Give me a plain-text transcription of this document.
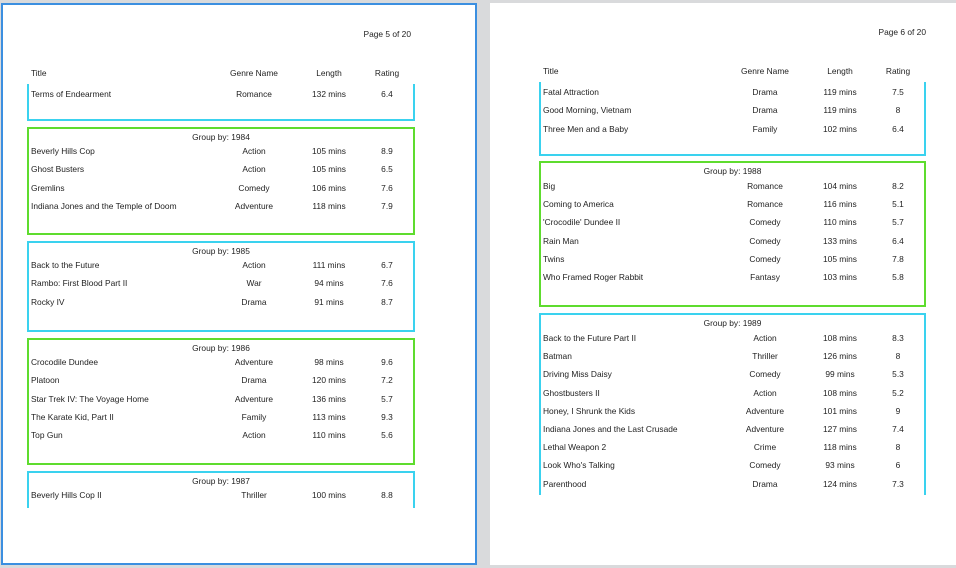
Page 5 of 20
Title	Genre Name	Length	Rating
Terms of Endearment	Romance	132 mins	6.4
Group by: 1984
Beverly Hills Cop	Action	105 mins	8.9
Ghost Busters	Action	105 mins	6.5
Gremlins	Comedy	106 mins	7.6
Indiana Jones and the Temple of Doom	Adventure	118 mins	7.9
Group by: 1985
Back to the Future	Action	111 mins	6.7
Rambo: First Blood Part II	War	94 mins	7.6
Rocky IV	Drama	91 mins	8.7
Group by: 1986
Crocodile Dundee	Adventure	98 mins	9.6
Platoon	Drama	120 mins	7.2
Star Trek IV: The Voyage Home	Adventure	136 mins	5.7
The Karate Kid, Part II	Family	113 mins	9.3
Top Gun	Action	110 mins	5.6
Group by: 1987
Beverly Hills Cop II	Thriller	100 mins	8.8
Page 6 of 20
Title	Genre Name	Length	Rating
Fatal Attraction	Drama	119 mins	7.5
Good Morning, Vietnam	Drama	119 mins	8
Three Men and a Baby	Family	102 mins	6.4
Group by: 1988
Big	Romance	104 mins	8.2
Coming to America	Romance	116 mins	5.1
'Crocodile' Dundee II	Comedy	110 mins	5.7
Rain Man	Comedy	133 mins	6.4
Twins	Comedy	105 mins	7.8
Who Framed Roger Rabbit	Fantasy	103 mins	5.8
Group by: 1989
Back to the Future Part II	Action	108 mins	8.3
Batman	Thriller	126 mins	8
Driving Miss Daisy	Comedy	99 mins	5.3
Ghostbusters II	Action	108 mins	5.2
Honey, I Shrunk the Kids	Adventure	101 mins	9
Indiana Jones and the Last Crusade	Adventure	127 mins	7.4
Lethal Weapon 2	Crime	118 mins	8
Look Who's Talking	Comedy	93 mins	6
Parenthood	Drama	124 mins	7.3
